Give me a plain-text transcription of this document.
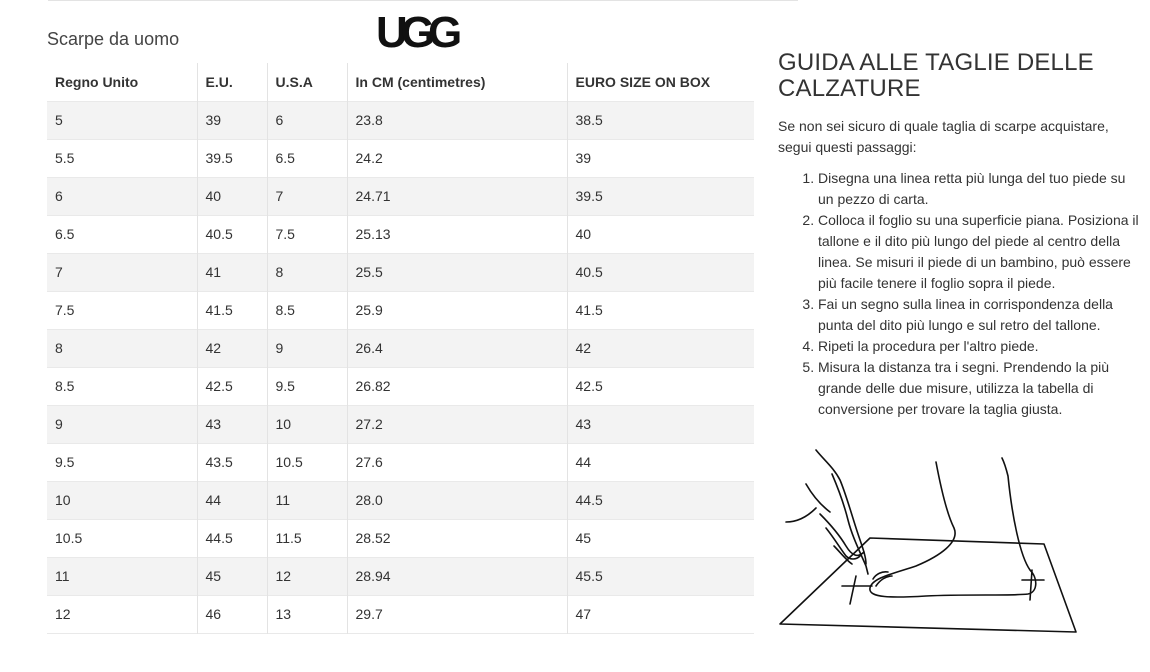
UGG
Scarpe da uomo
Regno Unito	E.U.	U.S.A	In CM (centimetres)	EURO SIZE ON BOX
5	39	6	23.8	38.5
5.5	39.5	6.5	24.2	39
6	40	7	24.71	39.5
6.5	40.5	7.5	25.13	40
7	41	8	25.5	40.5
7.5	41.5	8.5	25.9	41.5
8	42	9	26.4	42
8.5	42.5	9.5	26.82	42.5
9	43	10	27.2	43
9.5	43.5	10.5	27.6	44
10	44	11	28.0	44.5
10.5	44.5	11.5	28.52	45
11	45	12	28.94	45.5
12	46	13	29.7	47
GUIDA ALLE TAGLIE DELLE CALZATURE

Se non sei sicuro di quale taglia di scarpe acquistare, segui questi passaggi:

1. Disegna una linea retta più lunga del tuo piede su un pezzo di carta.
2. Colloca il foglio su una superficie piana. Posiziona il tallone e il dito più lungo del piede al centro della linea. Se misuri il piede di un bambino, può essere più facile tenere il foglio sopra il piede.
3. Fai un segno sulla linea in corrispondenza della punta del dito più lungo e sul retro del tallone.
4. Ripeti la procedura per l'altro piede.
5. Misura la distanza tra i segni. Prendendo la più grande delle due misure, utilizza la tabella di conversione per trovare la taglia giusta.
